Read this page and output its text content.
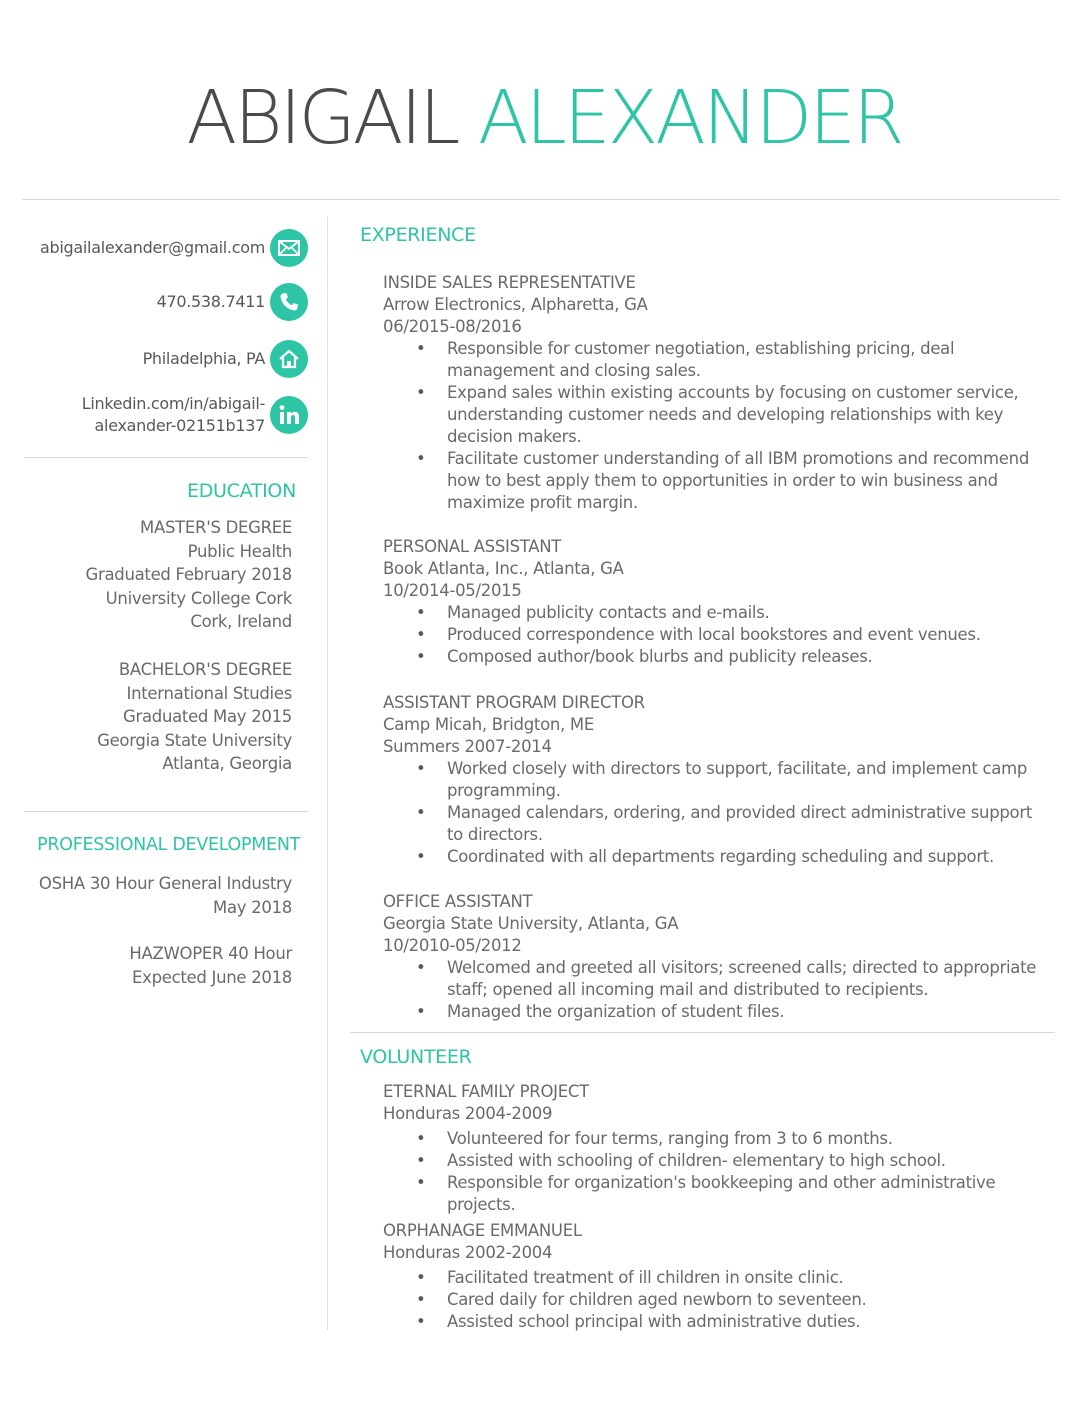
ABIGAIL ALEXANDER
abigailalexander@gmail.com
470.538.7411
Philadelphia, PA
Linkedin.com/in/abigail-
alexander-02151b137
EDUCATION
MASTER'S DEGREE
Public Health
Graduated February 2018
University College Cork
Cork, Ireland
BACHELOR'S DEGREE
International Studies
Graduated May 2015
Georgia State University
Atlanta, Georgia
PROFESSIONAL DEVELOPMENT
OSHA 30 Hour General Industry
May 2018
HAZWOPER 40 Hour
Expected June 2018
EXPERIENCE
INSIDE SALES REPRESENTATIVE
Arrow Electronics, Alpharetta, GA
06/2015-08/2016
• Responsible for customer negotiation, establishing pricing, deal management and closing sales.
• Expand sales within existing accounts by focusing on customer service, understanding customer needs and developing relationships with key decision makers.
• Facilitate customer understanding of all IBM promotions and recommend how to best apply them to opportunities in order to win business and maximize profit margin.
PERSONAL ASSISTANT
Book Atlanta, Inc., Atlanta, GA
10/2014-05/2015
• Managed publicity contacts and e-mails.
• Produced correspondence with local bookstores and event venues.
• Composed author/book blurbs and publicity releases.
ASSISTANT PROGRAM DIRECTOR
Camp Micah, Bridgton, ME
Summers 2007-2014
• Worked closely with directors to support, facilitate, and implement camp programming.
• Managed calendars, ordering, and provided direct administrative support to directors.
• Coordinated with all departments regarding scheduling and support.
OFFICE ASSISTANT
Georgia State University, Atlanta, GA
10/2010-05/2012
• Welcomed and greeted all visitors; screened calls; directed to appropriate staff; opened all incoming mail and distributed to recipients.
• Managed the organization of student files.
VOLUNTEER
ETERNAL FAMILY PROJECT
Honduras 2004-2009
• Volunteered for four terms, ranging from 3 to 6 months.
• Assisted with schooling of children- elementary to high school.
• Responsible for organization's bookkeeping and other administrative projects.
ORPHANAGE EMMANUEL
Honduras 2002-2004
• Facilitated treatment of ill children in onsite clinic.
• Cared daily for children aged newborn to seventeen.
• Assisted school principal with administrative duties.
